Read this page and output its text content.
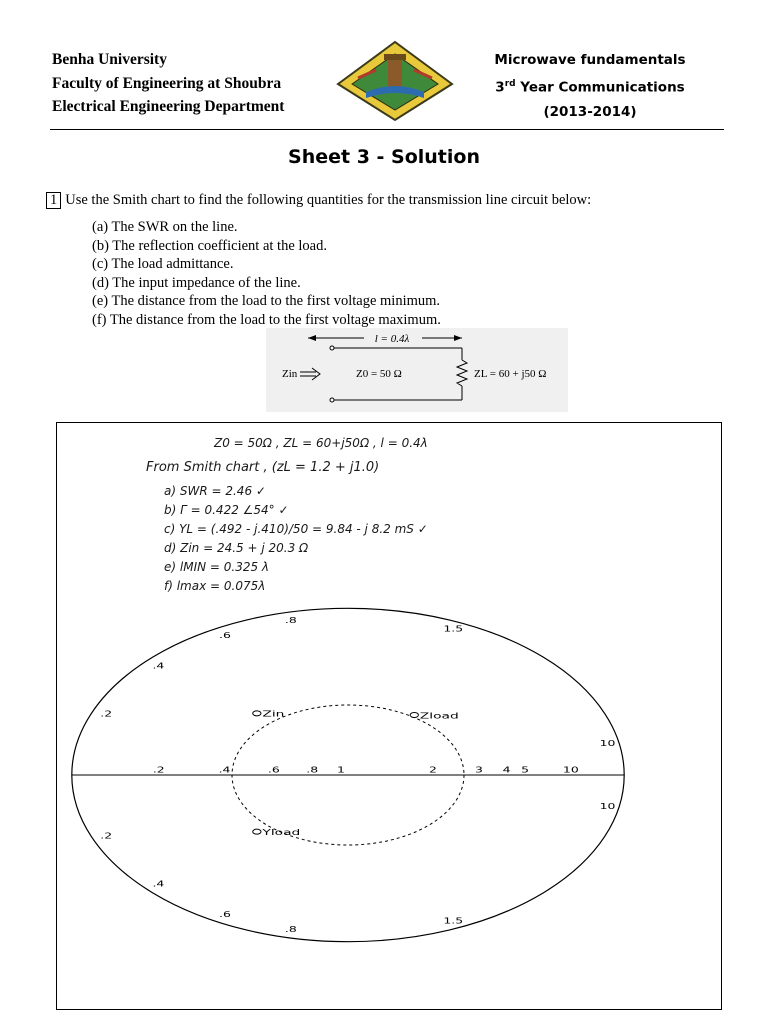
Benha University
Faculty of Engineering at Shoubra
Electrical Engineering Department
Microwave fundamentals
3rd Year Communications
(2013-2014)
Sheet 3 - Solution
1 Use the Smith chart to find the following quantities for the transmission line circuit below:
(a) The SWR on the line.
(b) The reflection coefficient at the load.
(c) The load admittance.
(d) The input impedance of the line.
(e) The distance from the load to the first voltage minimum.
(f) The distance from the load to the first voltage maximum.
l = 0.4λ
Zin	Z0 = 50 Ω	ZL = 60 + j50 Ω
Z0 = 50Ω , ZL = 60+j50Ω , l = 0.4λ
From Smith chart , (zL = 1.2 + j1.0)
a) SWR = 2.46 ✓
b) Γ = 0.422 ∠54° ✓
c) YL = (.492 - j.410)/50 = 9.84 - j 8.2 mS ✓
d) Zin = 24.5 + j 20.3 Ω
e) lMIN = 0.325 λ
f) lmax = 0.075λ
